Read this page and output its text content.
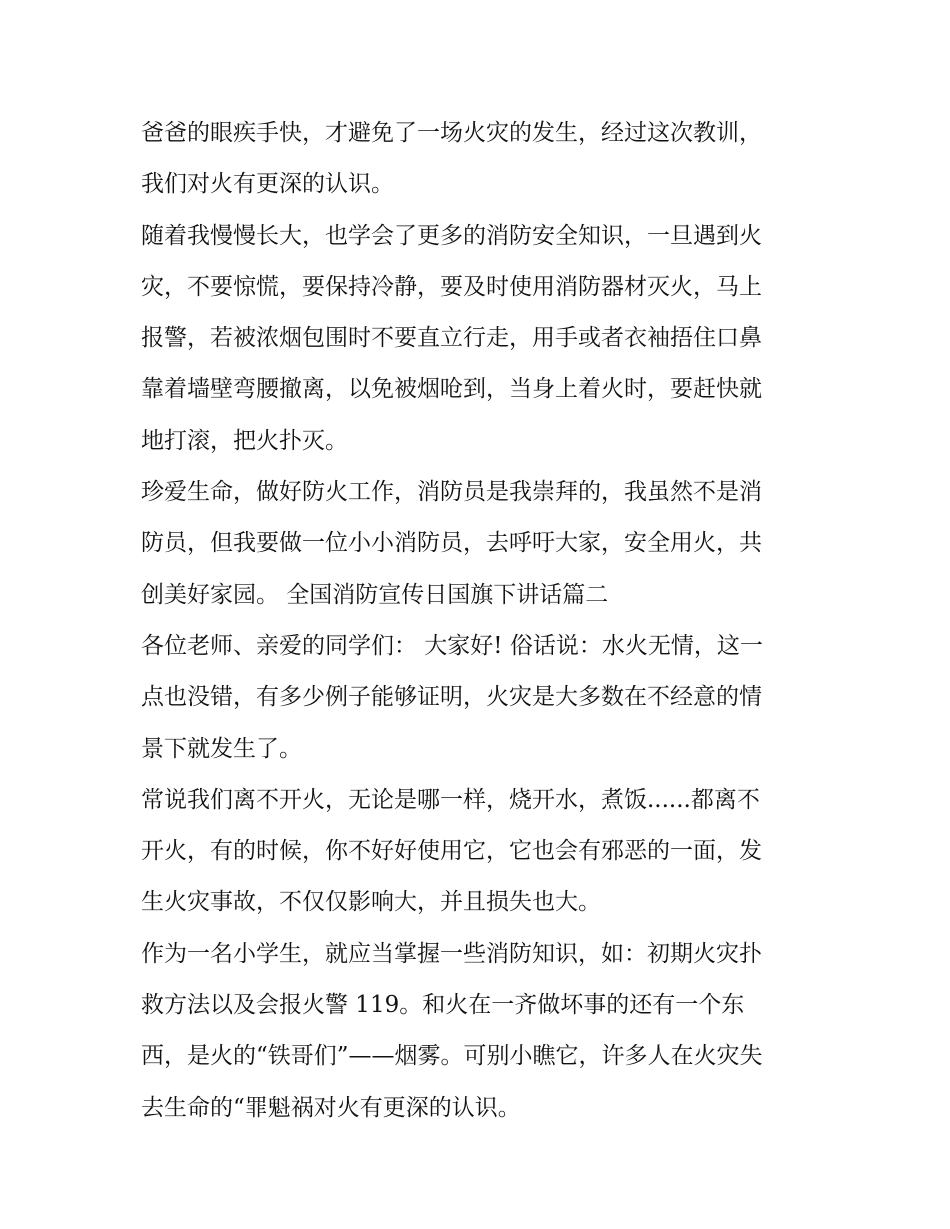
爸爸的眼疾手快，才避免了一场火灾的发生，经过这次教训，
我们对火有更深的认识。
随着我慢慢长大，也学会了更多的消防安全知识，一旦遇到火
灾，不要惊慌，要保持冷静，要及时使用消防器材灭火，马上
报警，若被浓烟包围时不要直立行走，用手或者衣袖捂住口鼻
靠着墙壁弯腰撤离，以免被烟呛到，当身上着火时，要赶快就
地打滚，把火扑灭。
珍爱生命，做好防火工作，消防员是我崇拜的，我虽然不是消
防员，但我要做一位小小消防员，去呼吁大家，安全用火，共
创美好家园。 全国消防宣传日国旗下讲话篇二
各位老师、亲爱的同学们： 大家好! 俗话说：水火无情，这一
点也没错，有多少例子能够证明，火灾是大多数在不经意的情
景下就发生了。
常说我们离不开火，无论是哪一样，烧开水，煮饭......都离不
开火，有的时候，你不好好使用它，它也会有邪恶的一面，发
生火灾事故，不仅仅影响大，并且损失也大。
作为一名小学生，就应当掌握一些消防知识，如：初期火灾扑
救方法以及会报火警 119。和火在一齐做坏事的还有一个东
西，是火的“铁哥们”——烟雾。可别小瞧它，许多人在火灾失
去生命的“罪魁祸对火有更深的认识。
